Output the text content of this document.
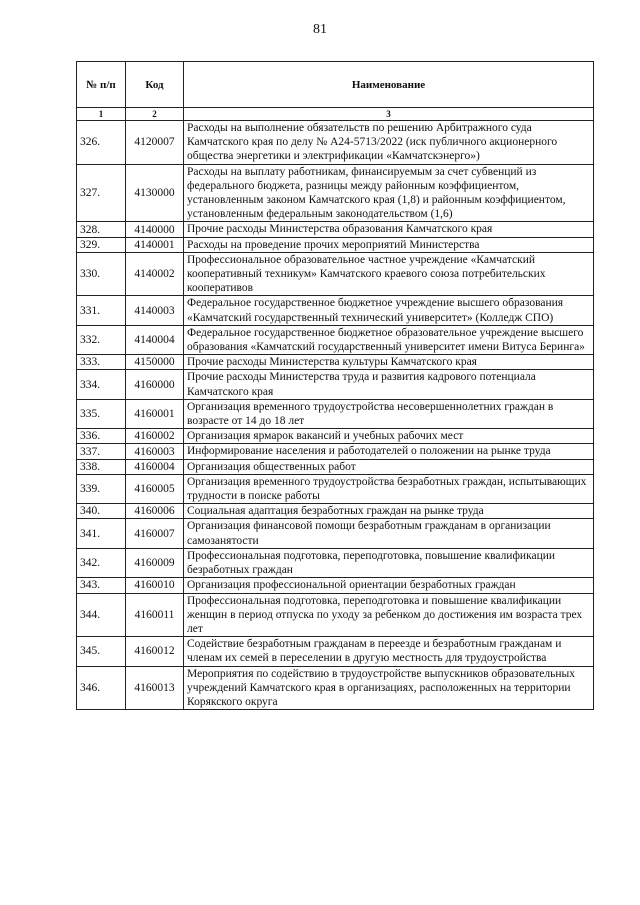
81
№ п/п	Код	Наименование
1	2	3
326.	4120007	Расходы на выполнение обязательств по решению Арбитражного суда Камчатского края по делу № А24-5713/2022 (иск публичного акционерного общества энергетики и электрификации «Камчатскэнерго»)
327.	4130000	Расходы на выплату работникам, финансируемым за счет субвенций из федерального бюджета, разницы между районным коэффициентом, установленным законом Камчатского края (1,8) и районным коэффициентом, установленным федеральным законодательством (1,6)
328.	4140000	Прочие расходы Министерства образования Камчатского края
329.	4140001	Расходы на проведение прочих мероприятий Министерства
330.	4140002	Профессиональное образовательное частное учреждение «Камчатский кооперативный техникум» Камчатского краевого союза потребительских кооперативов
331.	4140003	Федеральное государственное бюджетное учреждение высшего образования «Камчатский государственный технический университет» (Колледж СПО)
332.	4140004	Федеральное государственное бюджетное образовательное учреждение высшего образования «Камчатский государственный университет имени Витуса Беринга»
333.	4150000	Прочие расходы Министерства культуры Камчатского края
334.	4160000	Прочие расходы Министерства труда и развития кадрового потенциала Камчатского края
335.	4160001	Организация временного трудоустройства несовершеннолетних граждан в возрасте от 14 до 18 лет
336.	4160002	Организация ярмарок вакансий и учебных рабочих мест
337.	4160003	Информирование населения и работодателей о положении на рынке труда
338.	4160004	Организация общественных работ
339.	4160005	Организация временного трудоустройства безработных граждан, испытывающих трудности в поиске работы
340.	4160006	Социальная адаптация безработных граждан на рынке труда
341.	4160007	Организация финансовой помощи безработным гражданам в организации самозанятости
342.	4160009	Профессиональная подготовка, переподготовка, повышение квалификации безработных граждан
343.	4160010	Организация профессиональной ориентации безработных граждан
344.	4160011	Профессиональная подготовка, переподготовка и повышение квалификации женщин в период отпуска по уходу за ребенком до достижения им возраста трех лет
345.	4160012	Содействие безработным гражданам в переезде и безработным гражданам и членам их семей в переселении в другую местность для трудоустройства
346.	4160013	Мероприятия по содействию в трудоустройстве выпускников образовательных учреждений Камчатского края в организациях, расположенных на территории Корякского округа
